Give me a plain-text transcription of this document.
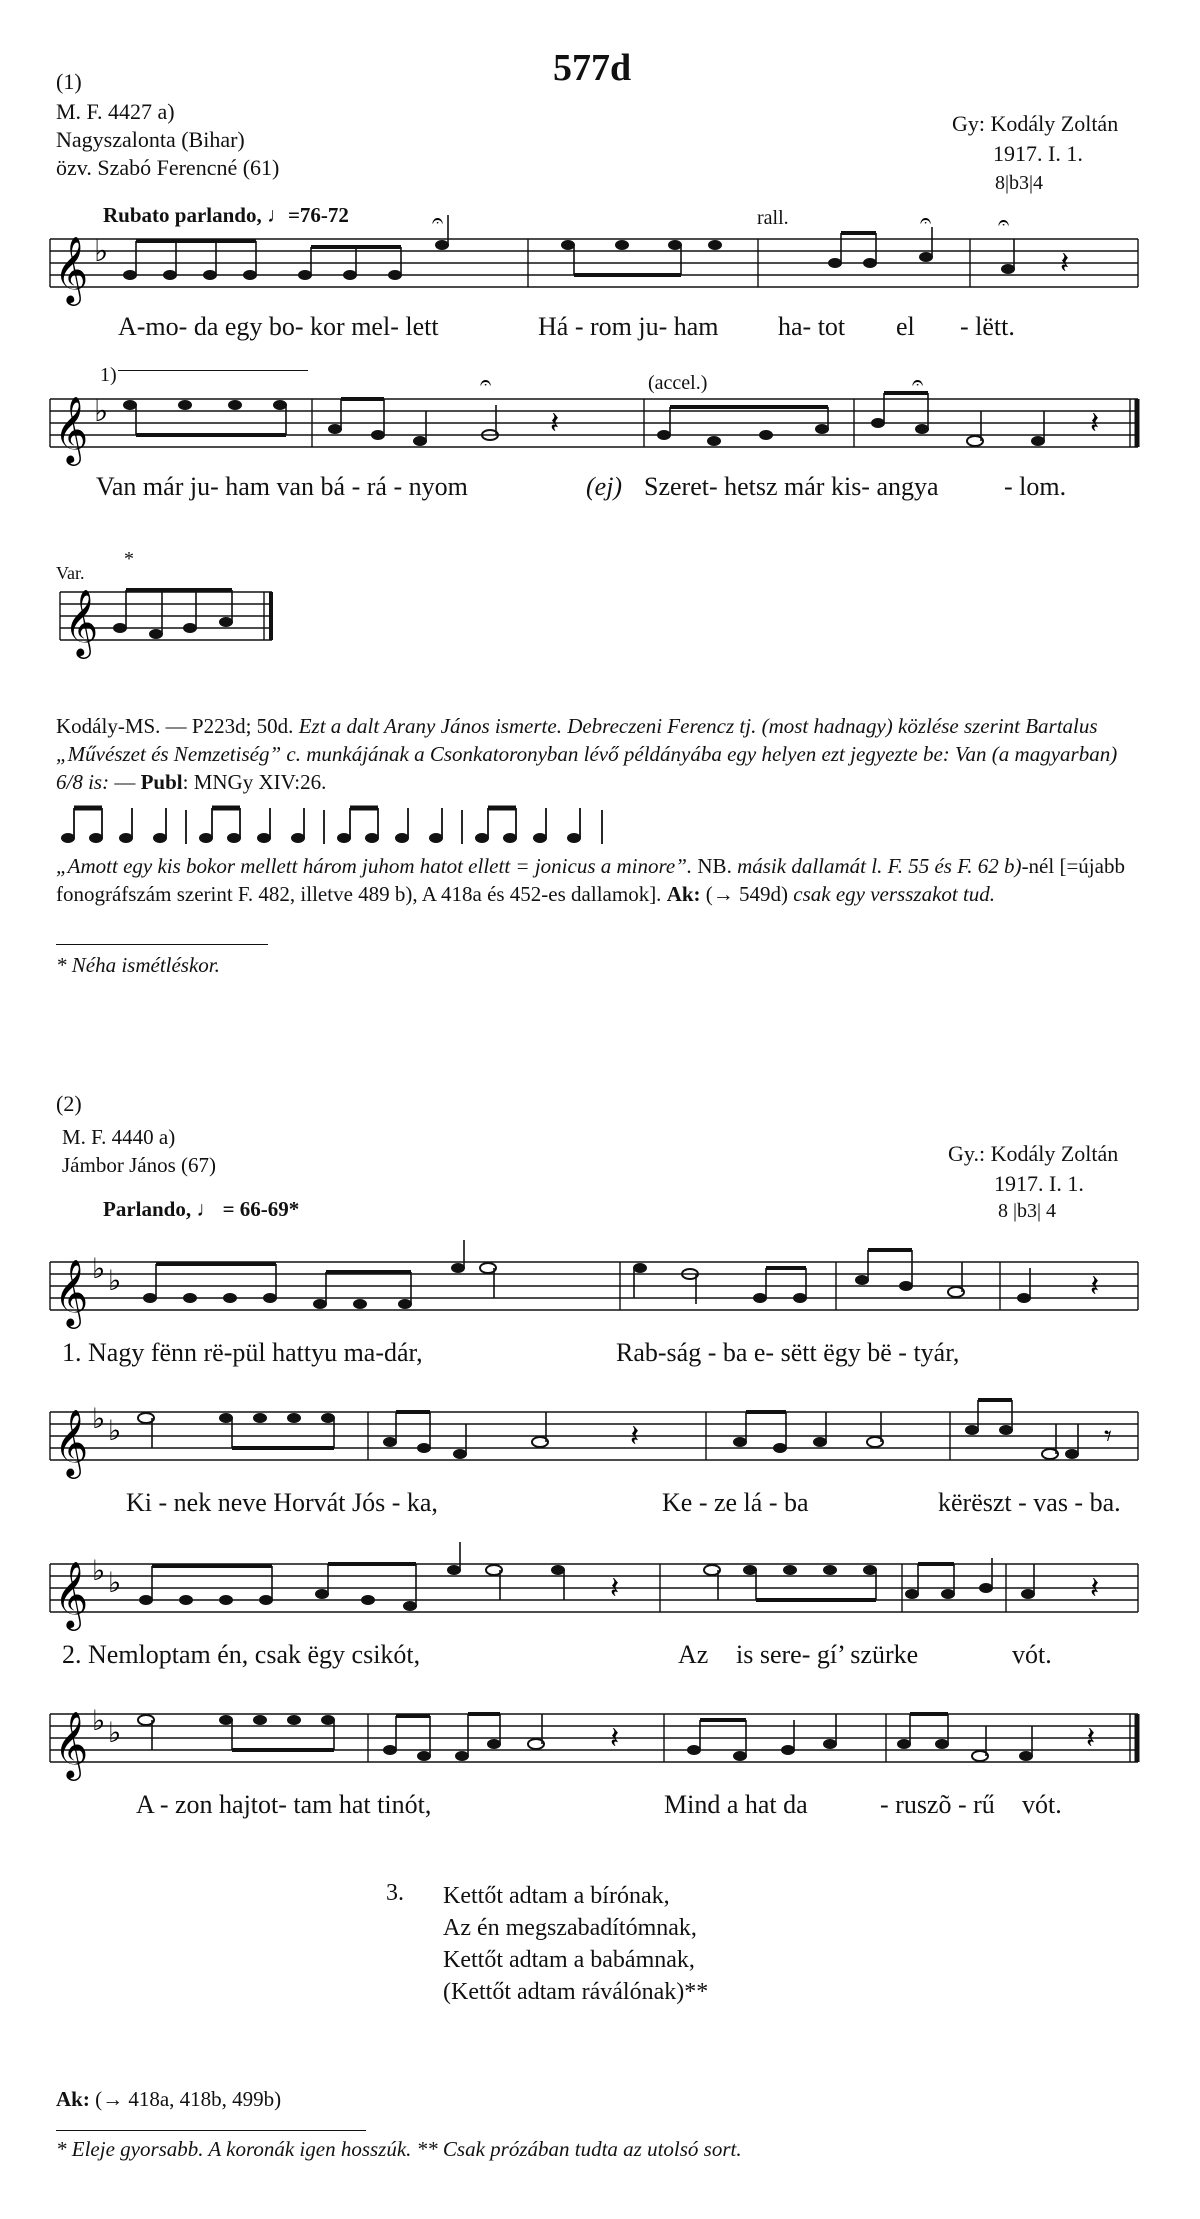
577d
(1)
M. F. 4427 a)
Nagyszalonta (Bihar)
özv. Szabó Ferencné (61)
Gy: Kodály Zoltán
1917. I. 1.
8|b3|4
Rubato parlando, ♩=76-72	rall.
𝄞 ♭	𝄽
𝄐	𝄐	𝄐
A-mo- da egy bo- kor mel- lett	Há - rom ju- ham ha- tot el - lëtt.
1)	(accel.)
𝄞 ♭	𝄽	𝄽
𝄐	𝄐
Van már ju- ham van bá - rá - nyom	(ej) Szeret- hetsz már kis- angya	- lom.
Var.
*
𝄞
Kodály-MS. — P223d; 50d. Ezt a dalt Arany János ismerte. Debreczeni Ferencz tj. (most hadnagy) közlése szerint Bartalus „Művészet és Nemzetiség” c. munkájának a Csonkatoronyban lévő példányába egy helyen ezt jegyezte be: Van (a magyarban) 6/8 is: — Publ: MNGy XIV:26.
„Amott egy kis bokor mellett három juhom hatot ellett = jonicus a minore”. NB. másik dallamát l. F. 55 és F. 62 b)-nél [=újabb fonográfszám szerint F. 482, illetve 489 b), A 418a és 452-es dallamok]. Ak: (→ 549d) csak egy versszakot tud.
* Néha ismétléskor.
(2)
M. F. 4440 a)
Jámbor János (67)	Gy.: Kodály Zoltán
1917. I. 1.
8 |b3| 4
Parlando, ♩ = 66-69*
𝄞 ♭ ♭	𝄽
1. Nagy fënn rë-pül hattyu ma-dár,	Rab-ság - ba e- sëtt ëgy bë - tyár,
𝄞 ♭ ♭	𝄽	𝄾
Ki - nek neve Horvát Jós - ka,	Ke - ze lá - ba	kërëszt - vas - ba.
𝄞 ♭ ♭	𝄽	𝄽
2. Nemloptam én, csak ëgy csikót,	Az is sere- gí’ szürke	vót.
𝄞 ♭ ♭	𝄽	𝄽
A - zon hajtot- tam hat tinót,	Mind a hat da	- ruszõ - rű vót.
3. Kettőt adtam a bírónak,
Az én megszabadítómnak,
Kettőt adtam a babámnak,
(Kettőt adtam ráválónak)**
Ak: (→ 418a, 418b, 499b)
* Eleje gyorsabb. A koronák igen hosszúk. ** Csak prózában tudta az utolsó sort.
